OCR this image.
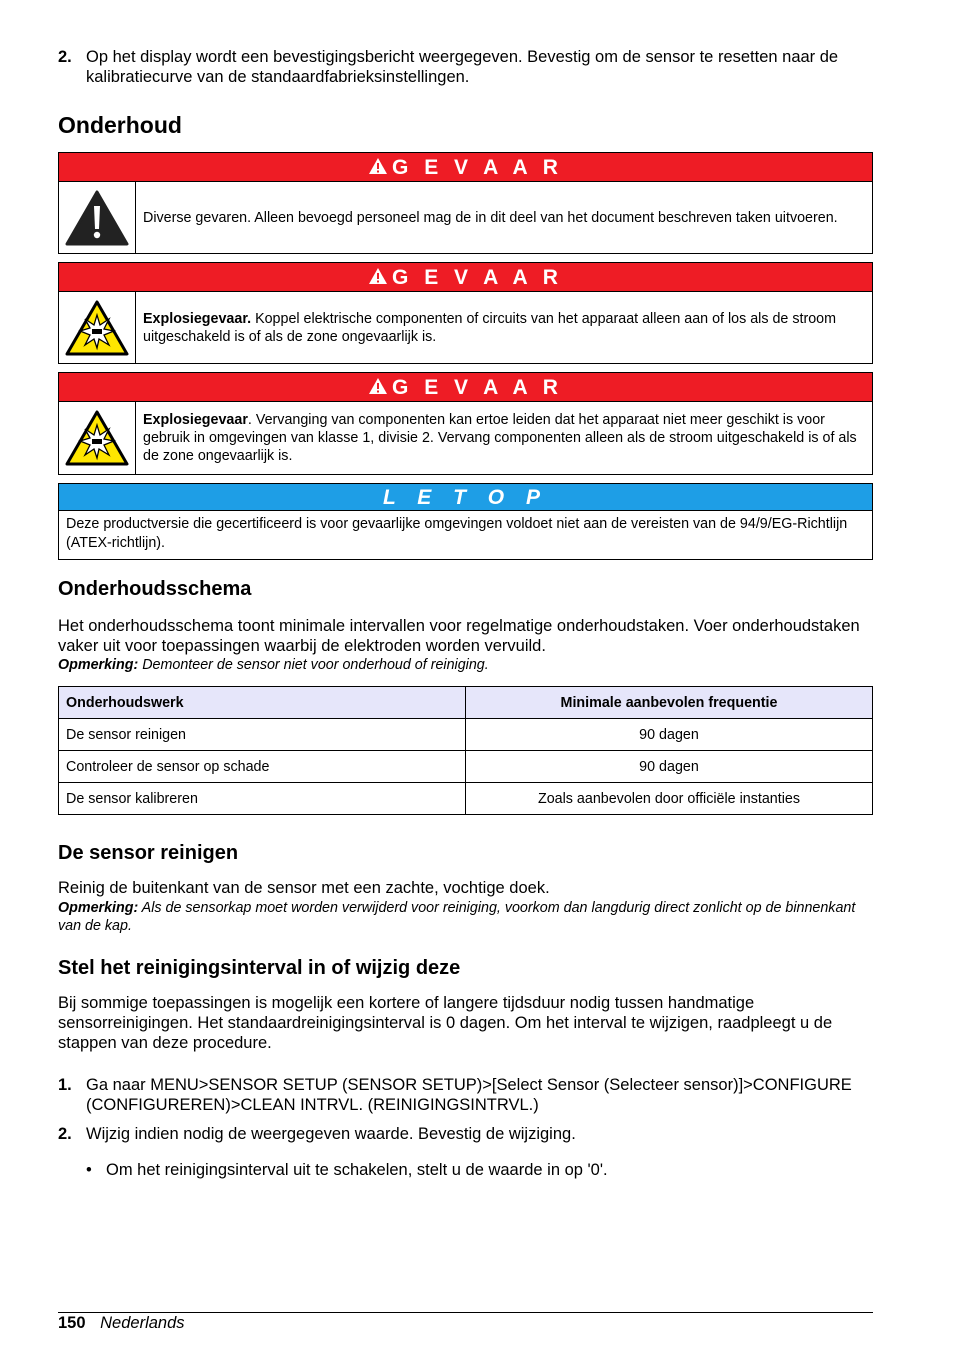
2. Op het display wordt een bevestigingsbericht weergegeven. Bevestig om de sensor te resetten naar de kalibratiecurve van de standaardfabrieksinstellingen.
Onderhoud
G E V A A R
Diverse gevaren. Alleen bevoegd personeel mag de in dit deel van het document beschreven taken uitvoeren.
G E V A A R
Explosiegevaar. Koppel elektrische componenten of circuits van het apparaat alleen aan of los als de stroom uitgeschakeld is of als de zone ongevaarlijk is.
G E V A A R
Explosiegevaar. Vervanging van componenten kan ertoe leiden dat het apparaat niet meer geschikt is voor gebruik in omgevingen van klasse 1, divisie 2. Vervang componenten alleen als de stroom uitgeschakeld is of als de zone ongevaarlijk is.
L E T O P
Deze productversie die gecertificeerd is voor gevaarlijke omgevingen voldoet niet aan de vereisten van de 94/9/EG-Richtlijn (ATEX-richtlijn).
Onderhoudsschema

Het onderhoudsschema toont minimale intervallen voor regelmatige onderhoudstaken. Voer onderhoudstaken vaker uit voor toepassingen waarbij de elektroden worden vervuild.

Opmerking: Demonteer de sensor niet voor onderhoud of reiniging.

Onderhoudswerk	Minimale aanbevolen frequentie
De sensor reinigen	90 dagen
Controleer de sensor op schade	90 dagen
De sensor kalibreren	Zoals aanbevolen door officiële instanties
De sensor reinigen

Reinig de buitenkant van de sensor met een zachte, vochtige doek.

Opmerking: Als de sensorkap moet worden verwijderd voor reiniging, voorkom dan langdurig direct zonlicht op de binnenkant van de kap.

Stel het reinigingsinterval in of wijzig deze

Bij sommige toepassingen is mogelijk een kortere of langere tijdsduur nodig tussen handmatige sensorreinigingen. Het standaardreinigingsinterval is 0 dagen. Om het interval te wijzigen, raadpleegt u de stappen van deze procedure.

1. Ga naar MENU>SENSOR SETUP (SENSOR SETUP)>[Select Sensor (Selecteer sensor)]>CONFIGURE (CONFIGUREREN)>CLEAN INTRVL. (REINIGINGSINTRVL.)
2. Wijzig indien nodig de weergegeven waarde. Bevestig de wijziging.
• Om het reinigingsinterval uit te schakelen, stelt u de waarde in op '0'.
150 Nederlands
